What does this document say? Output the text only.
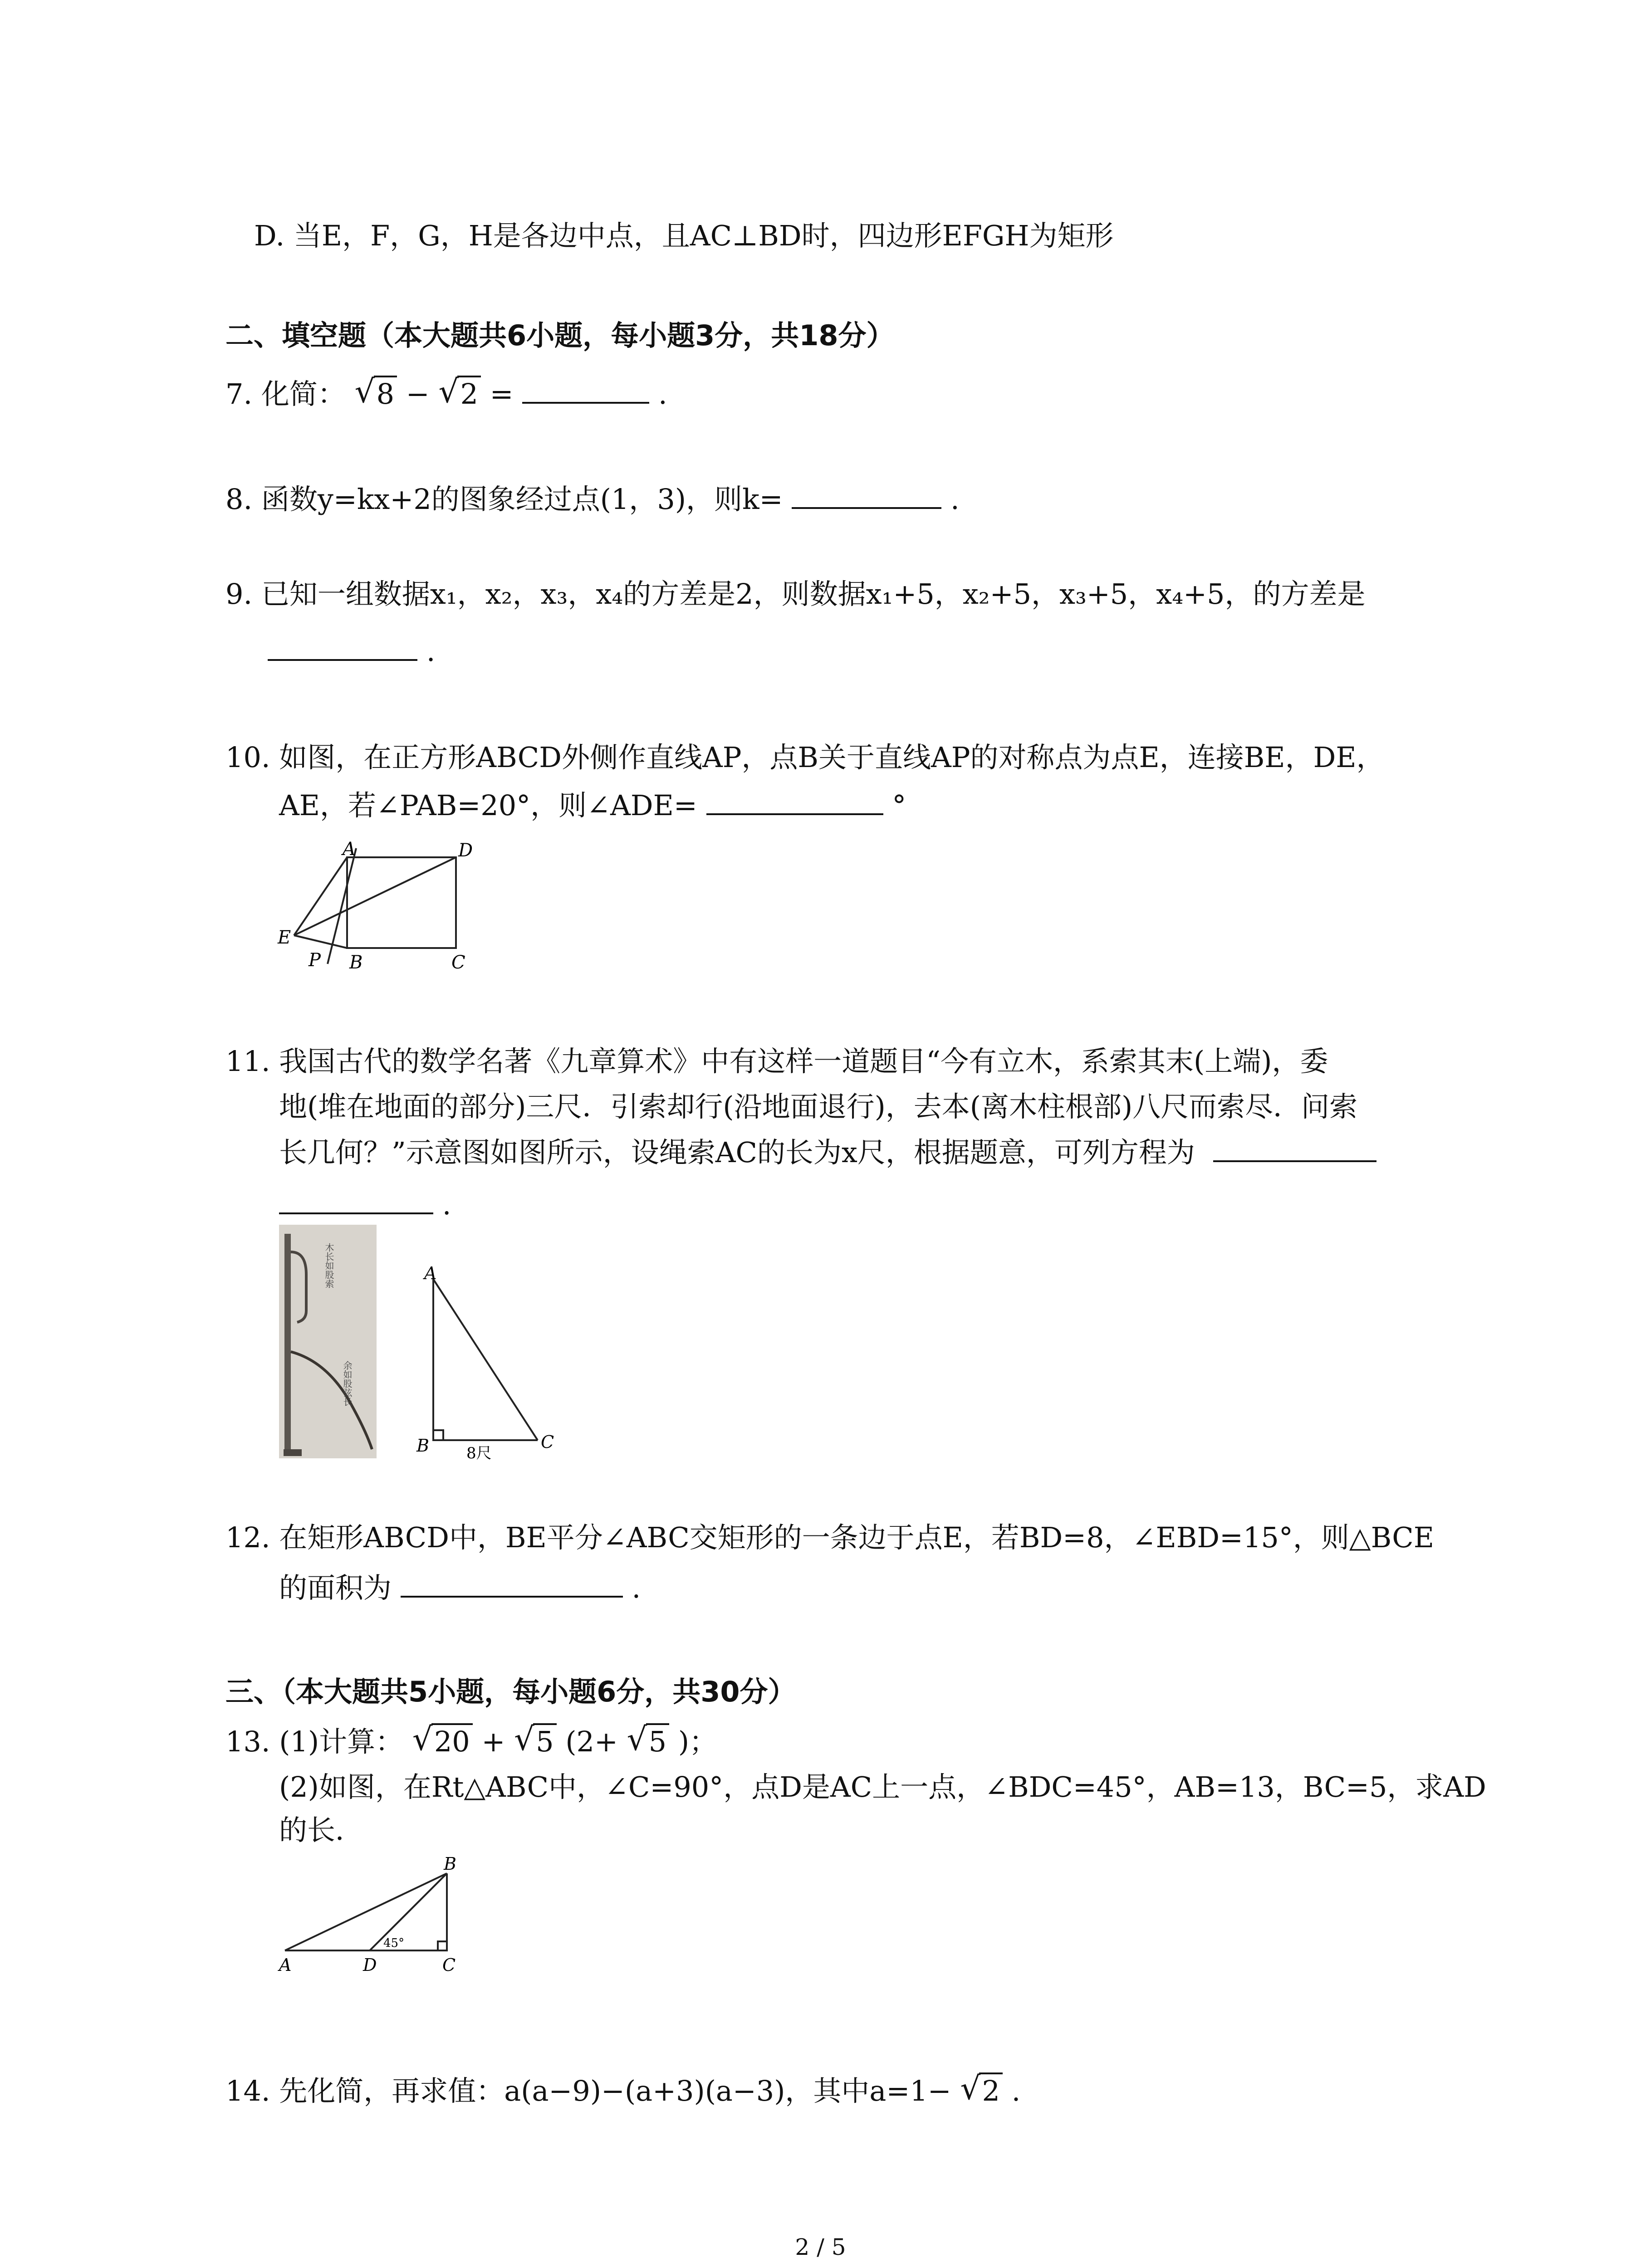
D. 当E，F，G，H是各边中点，且AC⊥BD时，四边形EFGH为矩形
二、填空题（本大题共6小题，每小题3分，共18分）
7. 化简： √ 8 − √ 2 =	.
8. 函数y=kx+2的图象经过点(1，3)，则k=	.
9. 已知一组数据x₁，x₂，x₃，x₄的方差是2，则数据x₁+5，x₂+5，x₃+5，x₄+5，的方差是
.
10. 如图，在正方形ABCD外侧作直线AP，点B关于直线AP的对称点为点E，连接BE，DE，
AE，若∠PAB=20°，则∠ADE=	°
A	D
E
P B	C
11. 我国古代的数学名著《九章算术》中有这样一道题目“今有立木，系索其末(上端)，委
地(堆在地面的部分)三尺．引索却行(沿地面退行)，去本(离木柱根部)八尺而索尽．问索
长几何？”示意图如图所示，设绳索AC的长为x尺，根据题意，可列方程为
.
木长如股索
余如股弦长
A
B	C
8尺
12. 在矩形ABCD中，BE平分∠ABC交矩形的一条边于点E，若BD=8，∠EBD=15°，则△BCE
的面积为	.
三、（本大题共5小题，每小题6分，共30分）
13. (1)计算： √ 20 + √ 5 (2+ √ 5 )；
(2)如图，在Rt△ABC中，∠C=90°，点D是AC上一点，∠BDC=45°，AB=13，BC=5，求AD
的长．
A	D	C
B
45°
14. 先化简，再求值：a(a−9)−(a+3)(a−3)，其中a=1− √ 2 .
2 / 5
